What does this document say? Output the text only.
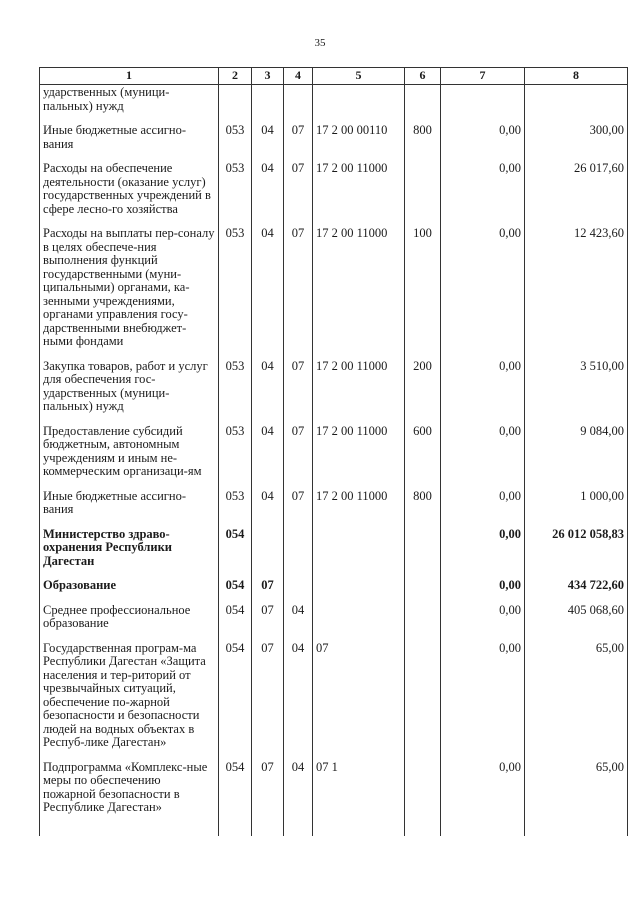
35
1	2	3	4	5	6	7	8
ударственных (муници-пальных) нужд							
Иные бюджетные ассигно-вания	053	04	07	17 2 00 00110	800	0,00	300,00
Расходы на обеспечение деятельности (оказание услуг) государственных учреждений в сфере лесно-го хозяйства	053	04	07	17 2 00 11000		0,00	26 017,60
Расходы на выплаты пер-соналу в целях обеспече-ния выполнения функций государственными (муни-ципальными) органами, ка-зенными учреждениями, органами управления госу-дарственными внебюджет-ными фондами	053	04	07	17 2 00 11000	100	0,00	12 423,60
Закупка товаров, работ и услуг для обеспечения гос-ударственных (муници-пальных) нужд	053	04	07	17 2 00 11000	200	0,00	3 510,00
Предоставление субсидий бюджетным, автономным учреждениям и иным не-коммерческим организаци-ям	053	04	07	17 2 00 11000	600	0,00	9 084,00
Иные бюджетные ассигно-вания	053	04	07	17 2 00 11000	800	0,00	1 000,00
Министерство здраво-охранения Республики Дагестан	054					0,00	26 012 058,83
Образование	054	07				0,00	434 722,60
Среднее профессиональное образование	054	07	04			0,00	405 068,60
Государственная програм-ма Республики Дагестан «Защита населения и тер-риторий от чрезвычайных ситуаций, обеспечение по-жарной безопасности и безопасности людей на водных объектах в Респуб-лике Дагестан»	054	07	04	07		0,00	65,00
Подпрограмма «Комплекс-ные меры по обеспечению пожарной безопасности в Республике Дагестан»	054	07	04	07 1		0,00	65,00
